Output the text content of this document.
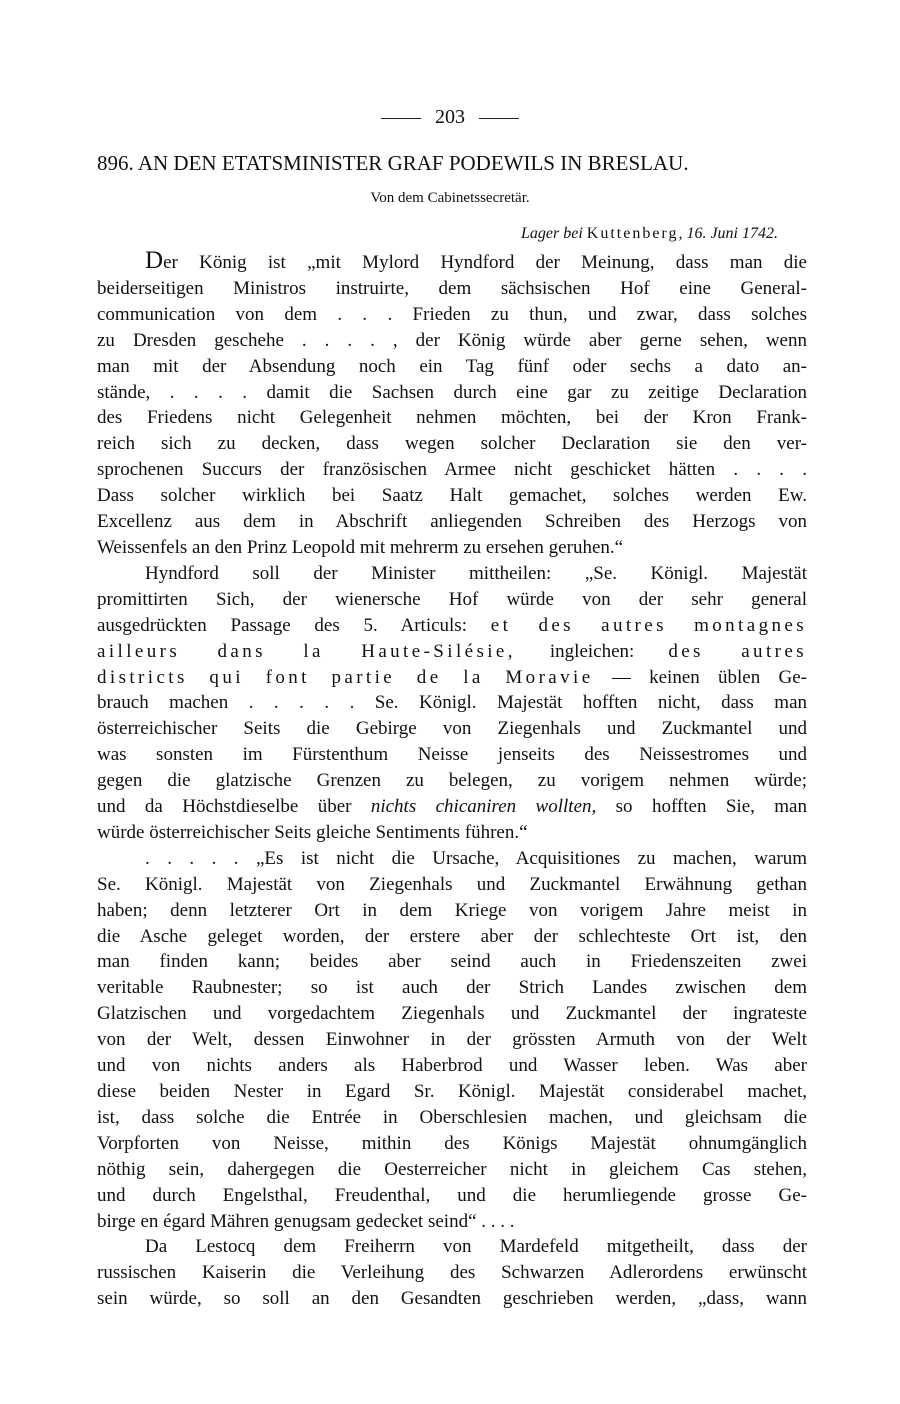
203
896. AN DEN ETATSMINISTER GRAF PODEWILS IN BRESLAU.
Von dem Cabinetssecretär.
Lager bei Kuttenberg, 16. Juni 1742.

Der König ist „mit Mylord Hyndford der Meinung, dass man die
beiderseitigen Ministros instruirte, dem sächsischen Hof eine General-
communication von dem . . . Frieden zu thun, und zwar, dass solches
zu Dresden geschehe . . . . , der König würde aber gerne sehen, wenn
man mit der Absendung noch ein Tag fünf oder sechs a dato an-
stände, . . . . damit die Sachsen durch eine gar zu zeitige Declaration
des Friedens nicht Gelegenheit nehmen möchten, bei der Kron Frank-
reich sich zu decken, dass wegen solcher Declaration sie den ver-
sprochenen Succurs der französischen Armee nicht geschicket hätten . . . .
Dass solcher wirklich bei Saatz Halt gemachet, solches werden Ew.
Excellenz aus dem in Abschrift anliegenden Schreiben des Herzogs von
Weissenfels an den Prinz Leopold mit mehrerm zu ersehen geruhen.“

Hyndford soll der Minister mittheilen: „Se. Königl. Majestät
promittirten Sich, der wienersche Hof würde von der sehr general
ausgedrückten Passage des 5. Articuls: et des autres montagnes
ailleurs dans la Haute-Silésie, ingleichen: des autres
districts qui font partie de la Moravie — keinen üblen Ge-
brauch machen . . . . . Se. Königl. Majestät hofften nicht, dass man
österreichischer Seits die Gebirge von Ziegenhals und Zuckmantel und
was sonsten im Fürstenthum Neisse jenseits des Neissestromes und
gegen die glatzische Grenzen zu belegen, zu vorigem nehmen würde;
und da Höchstdieselbe über nichts chicaniren wollten, so hofften Sie, man
würde österreichischer Seits gleiche Sentiments führen.“

. . . . . „Es ist nicht die Ursache, Acquisitiones zu machen, warum
Se. Königl. Majestät von Ziegenhals und Zuckmantel Erwähnung gethan
haben; denn letzterer Ort in dem Kriege von vorigem Jahre meist in
die Asche geleget worden, der erstere aber der schlechteste Ort ist, den
man finden kann; beides aber seind auch in Friedenszeiten zwei
veritable Raubnester; so ist auch der Strich Landes zwischen dem
Glatzischen und vorgedachtem Ziegenhals und Zuckmantel der ingrateste
von der Welt, dessen Einwohner in der grössten Armuth von der Welt
und von nichts anders als Haberbrod und Wasser leben. Was aber
diese beiden Nester in Egard Sr. Königl. Majestät considerabel machet,
ist, dass solche die Entrée in Oberschlesien machen, und gleichsam die
Vorpforten von Neisse, mithin des Königs Majestät ohnumgänglich
nöthig sein, dahergegen die Oesterreicher nicht in gleichem Cas stehen,
und durch Engelsthal, Freudenthal, und die herumliegende grosse Ge-
birge en égard Mähren genugsam gedecket seind“ . . . .

Da Lestocq dem Freiherrn von Mardefeld mitgetheilt, dass der
russischen Kaiserin die Verleihung des Schwarzen Adlerordens erwünscht
sein würde, so soll an den Gesandten geschrieben werden, „dass, wann
